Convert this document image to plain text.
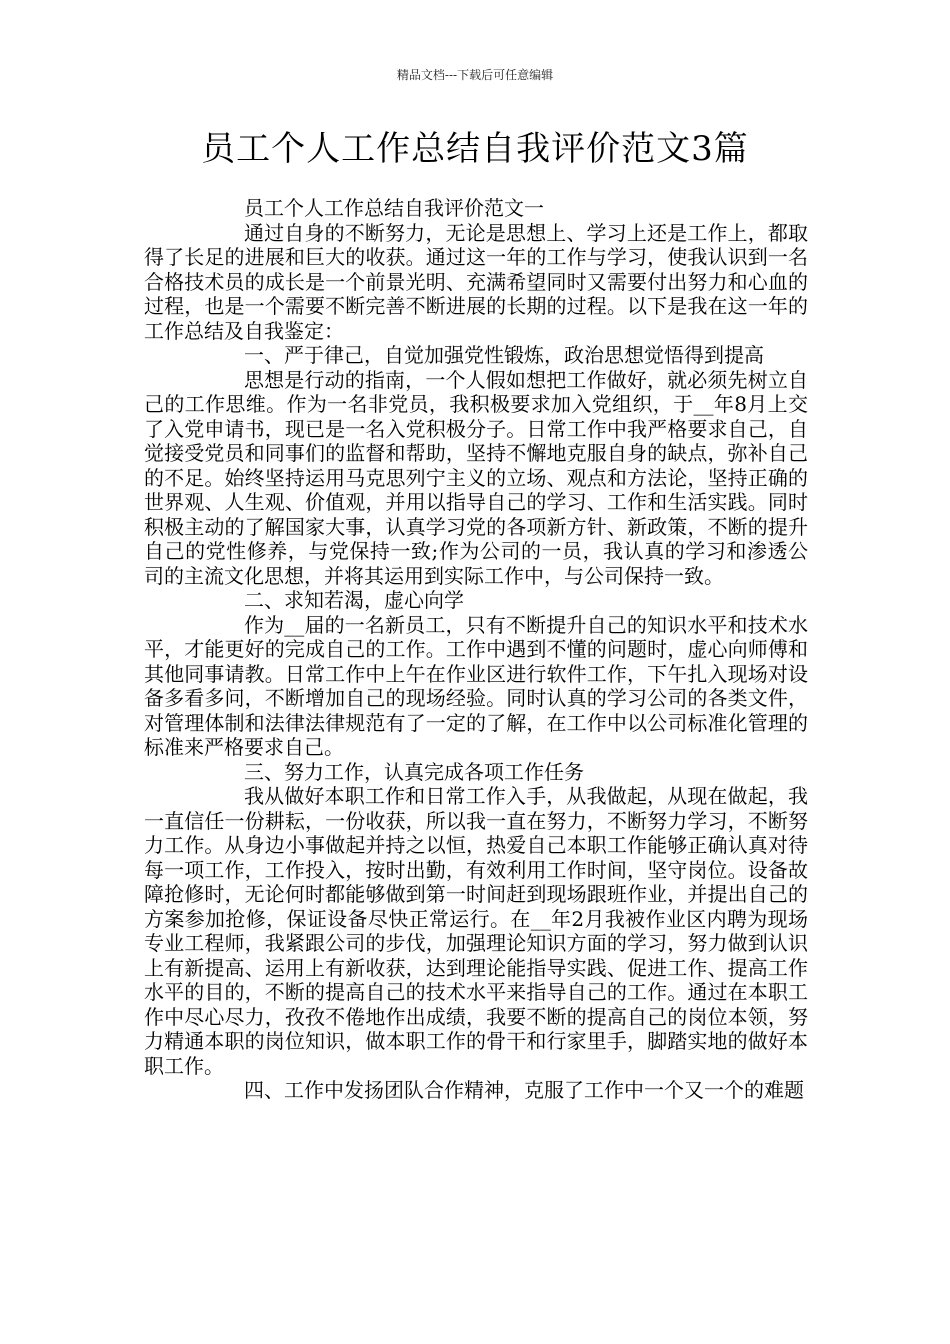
精品文档---下载后可任意编辑
员工个人工作总结自我评价范文3篇

员工个人工作总结自我评价范文一

通过自身的不断努力，无论是思想上、学习上还是工作上，都取得了长足的进展和巨大的收获。通过这一年的工作与学习，使我认识到一名合格技术员的成长是一个前景光明、充满希望同时又需要付出努力和心血的过程，也是一个需要不断完善不断进展的长期的过程。以下是我在这一年的工作总结及自我鉴定：

一、严于律己，自觉加强党性锻炼，政治思想觉悟得到提高

思想是行动的指南，一个人假如想把工作做好，就必须先树立自己的工作思维。作为一名非党员，我积极要求加入党组织，于__年8月上交了入党申请书，现已是一名入党积极分子。日常工作中我严格要求自己，自觉接受党员和同事们的监督和帮助，坚持不懈地克服自身的缺点，弥补自己的不足。始终坚持运用马克思列宁主义的立场、观点和方法论，坚持正确的世界观、人生观、价值观，并用以指导自己的学习、工作和生活实践。同时积极主动的了解国家大事，认真学习党的各项新方针、新政策，不断的提升自己的党性修养，与党保持一致;作为公司的一员，我认真的学习和渗透公司的主流文化思想，并将其运用到实际工作中，与公司保持一致。

二、求知若渴，虚心向学

作为__届的一名新员工，只有不断提升自己的知识水平和技术水平，才能更好的完成自己的工作。工作中遇到不懂的问题时，虚心向师傅和其他同事请教。日常工作中上午在作业区进行软件工作，下午扎入现场对设备多看多问，不断增加自己的现场经验。同时认真的学习公司的各类文件，对管理体制和法律法律规范有了一定的了解，在工作中以公司标准化管理的标准来严格要求自己。

三、努力工作，认真完成各项工作任务

我从做好本职工作和日常工作入手，从我做起，从现在做起，我一直信任一份耕耘，一份收获，所以我一直在努力，不断努力学习，不断努力工作。从身边小事做起并持之以恒，热爱自己本职工作能够正确认真对待每一项工作，工作投入，按时出勤，有效利用工作时间，坚守岗位。设备故障抢修时，无论何时都能够做到第一时间赶到现场跟班作业，并提出自己的方案参加抢修，保证设备尽快正常运行。在__年2月我被作业区内聘为现场专业工程师，我紧跟公司的步伐，加强理论知识方面的学习，努力做到认识上有新提高、运用上有新收获，达到理论能指导实践、促进工作、提高工作水平的目的，不断的提高自己的技术水平来指导自己的工作。通过在本职工作中尽心尽力，孜孜不倦地作出成绩，我要不断的提高自己的岗位本领，努力精通本职的岗位知识，做本职工作的骨干和行家里手，脚踏实地的做好本职工作。

四、工作中发扬团队合作精神，克服了工作中一个又一个的难题
